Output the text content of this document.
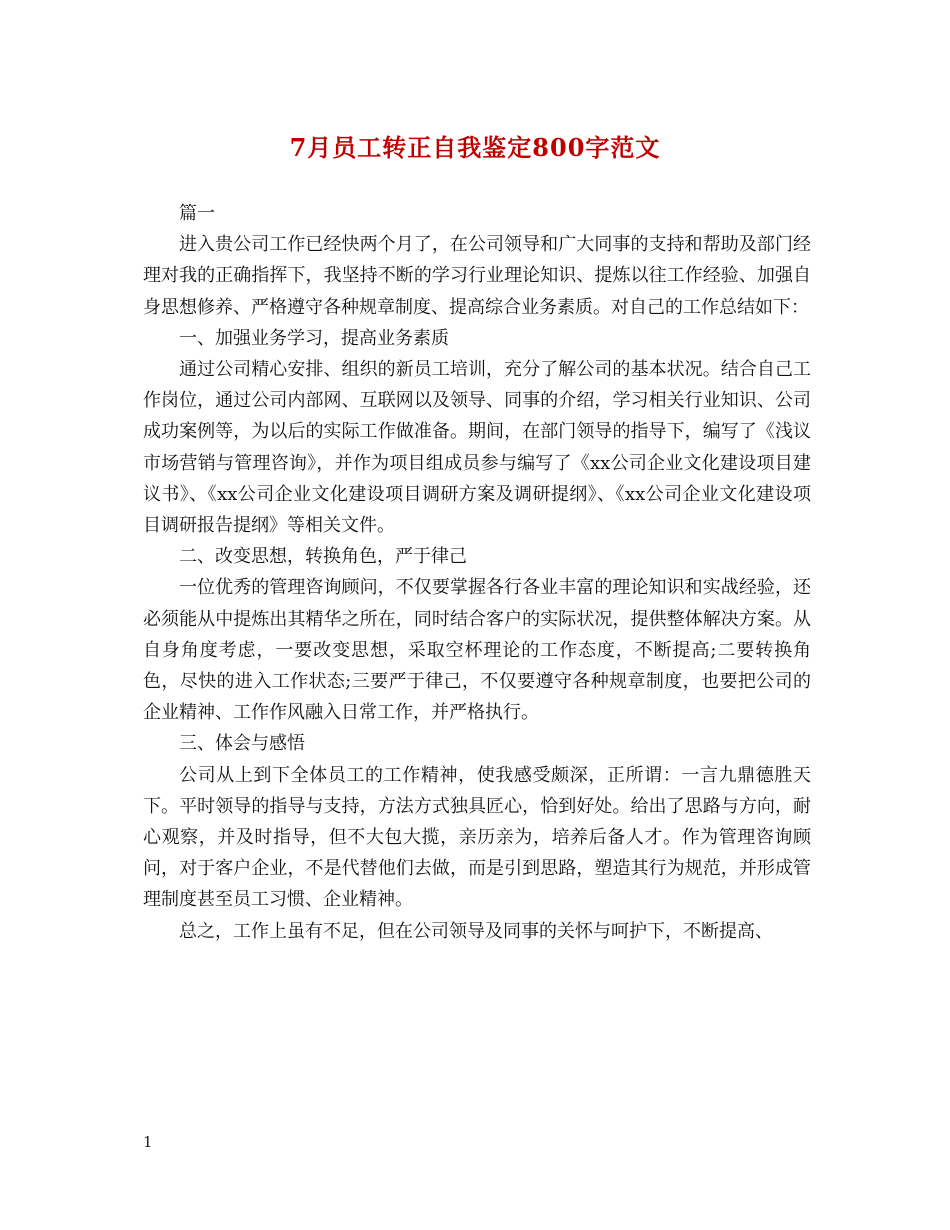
7月员工转正自我鉴定800字范文

篇一

进入贵公司工作已经快两个月了，在公司领导和广大同事的支持和帮助及部门经理对我的正确指挥下，我坚持不断的学习行业理论知识、提炼以往工作经验、加强自身思想修养、严格遵守各种规章制度、提高综合业务素质。对自己的工作总结如下：

一、加强业务学习，提高业务素质

通过公司精心安排、组织的新员工培训，充分了解公司的基本状况。结合自己工作岗位，通过公司内部网、互联网以及领导、同事的介绍，学习相关行业知识、公司成功案例等，为以后的实际工作做准备。期间，在部门领导的指导下，编写了《浅议市场营销与管理咨询》，并作为项目组成员参与编写了《xx公司企业文化建设项目建议书》、《xx公司企业文化建设项目调研方案及调研提纲》、《xx公司企业文化建设项目调研报告提纲》等相关文件。

二、改变思想，转换角色，严于律己

一位优秀的管理咨询顾问，不仅要掌握各行各业丰富的理论知识和实战经验，还必须能从中提炼出其精华之所在，同时结合客户的实际状况，提供整体解决方案。从自身角度考虑，一要改变思想，采取空杯理论的工作态度，不断提高;二要转换角色，尽快的进入工作状态;三要严于律己，不仅要遵守各种规章制度，也要把公司的企业精神、工作作风融入日常工作，并严格执行。

三、体会与感悟

公司从上到下全体员工的工作精神，使我感受颇深，正所谓：一言九鼎德胜天下。平时领导的指导与支持，方法方式独具匠心，恰到好处。给出了思路与方向，耐心观察，并及时指导，但不大包大揽，亲历亲为，培养后备人才。作为管理咨询顾问，对于客户企业，不是代替他们去做，而是引到思路，塑造其行为规范，并形成管理制度甚至员工习惯、企业精神。

总之，工作上虽有不足，但在公司领导及同事的关怀与呵护下，不断提高、

1
